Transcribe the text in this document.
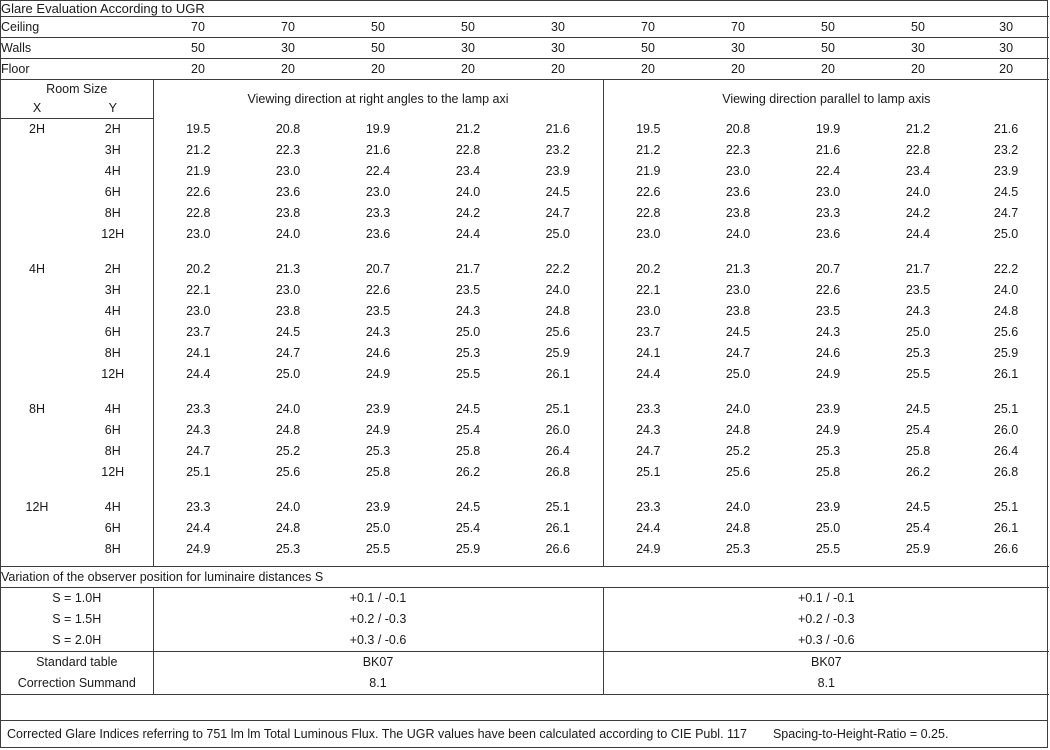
Glare Evaluation According to UGR											
Ceiling		70	70	50	50	30	70	70	50	50	30
Walls		50	30	50	30	30	50	30	50	30	30
Floor		20	20	20	20	20	20	20	20	20	20
Room Size		Viewing direction at right angles to the lamp axi					Viewing direction parallel to lamp axis				
X	Y										
2H	2H	19.5	20.8	19.9	21.2	21.6	19.5	20.8	19.9	21.2	21.6
	3H	21.2	22.3	21.6	22.8	23.2	21.2	22.3	21.6	22.8	23.2
	4H	21.9	23.0	22.4	23.4	23.9	21.9	23.0	22.4	23.4	23.9
	6H	22.6	23.6	23.0	24.0	24.5	22.6	23.6	23.0	24.0	24.5
	8H	22.8	23.8	23.3	24.2	24.7	22.8	23.8	23.3	24.2	24.7
	12H	23.0	24.0	23.6	24.4	25.0	23.0	24.0	23.6	24.4	25.0

4H	2H	20.2	21.3	20.7	21.7	22.2	20.2	21.3	20.7	21.7	22.2
	3H	22.1	23.0	22.6	23.5	24.0	22.1	23.0	22.6	23.5	24.0
	4H	23.0	23.8	23.5	24.3	24.8	23.0	23.8	23.5	24.3	24.8
	6H	23.7	24.5	24.3	25.0	25.6	23.7	24.5	24.3	25.0	25.6
	8H	24.1	24.7	24.6	25.3	25.9	24.1	24.7	24.6	25.3	25.9
	12H	24.4	25.0	24.9	25.5	26.1	24.4	25.0	24.9	25.5	26.1

8H	4H	23.3	24.0	23.9	24.5	25.1	23.3	24.0	23.9	24.5	25.1
	6H	24.3	24.8	24.9	25.4	26.0	24.3	24.8	24.9	25.4	26.0
	8H	24.7	25.2	25.3	25.8	26.4	24.7	25.2	25.3	25.8	26.4
	12H	25.1	25.6	25.8	26.2	26.8	25.1	25.6	25.8	26.2	26.8

12H	4H	23.3	24.0	23.9	24.5	25.1	23.3	24.0	23.9	24.5	25.1
	6H	24.4	24.8	25.0	25.4	26.1	24.4	24.8	25.0	25.4	26.1
	8H	24.9	25.3	25.5	25.9	26.6	24.9	25.3	25.5	25.9	26.6

Variation of the observer position for luminaire distances S											
S = 1.0H		+0.1 / -0.1					+0.1 / -0.1				
S = 1.5H		+0.2 / -0.3					+0.2 / -0.3				
S = 2.0H		+0.3 / -0.6					+0.3 / -0.6				
Standard table		BK07					BK07				
Correction Summand		8.1					8.1				
Corrected Glare Indices referring to 751 lm lm Total Luminous Flux. The UGR values have been calculated according to CIE Publ. 117 Spacing-to-Height-Ratio = 0.25.
